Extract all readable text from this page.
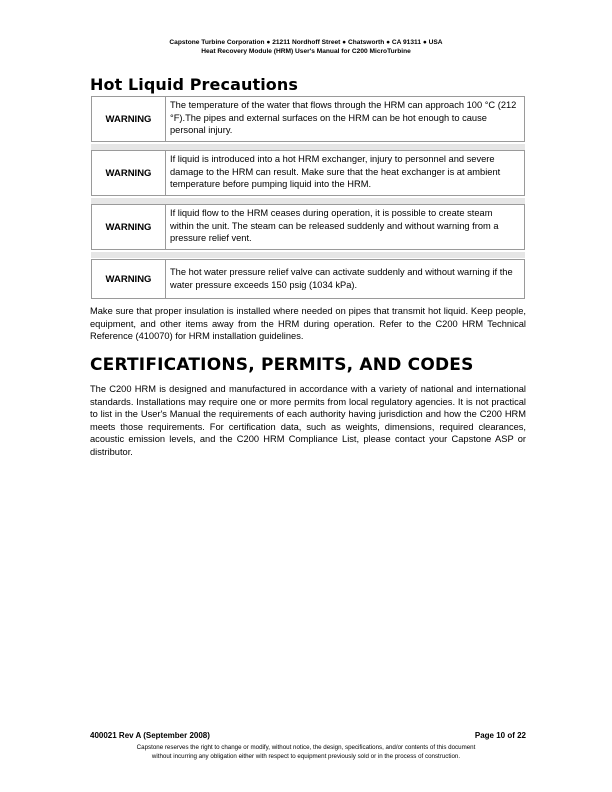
Capstone Turbine Corporation ● 21211 Nordhoff Street ● Chatsworth ● CA 91311 ● USA
Heat Recovery Module (HRM) User's Manual for C200 MicroTurbine
Hot Liquid Precautions
WARNING
The temperature of the water that flows through the HRM can approach 100 °C (212 °F).The pipes and external surfaces on the HRM can be hot enough to cause personal injury.
WARNING
If liquid is introduced into a hot HRM exchanger, injury to personnel and severe damage to the HRM can result. Make sure that the heat exchanger is at ambient temperature before pumping liquid into the HRM.
WARNING
If liquid flow to the HRM ceases during operation, it is possible to create steam within the unit. The steam can be released suddenly and without warning from a pressure relief vent.
WARNING
The hot water pressure relief valve can activate suddenly and without warning if the water pressure exceeds 150 psig (1034 kPa).
Make sure that proper insulation is installed where needed on pipes that transmit hot liquid. Keep people, equipment, and other items away from the HRM during operation. Refer to the C200 HRM Technical Reference (410070) for HRM installation guidelines.
CERTIFICATIONS, PERMITS, AND CODES
The C200 HRM is designed and manufactured in accordance with a variety of national and international standards. Installations may require one or more permits from local regulatory agencies. It is not practical to list in the User's Manual the requirements of each authority having jurisdiction and how the C200 HRM meets those requirements. For certification data, such as weights, dimensions, required clearances, acoustic emission levels, and the C200 HRM Compliance List, please contact your Capstone ASP or distributor.
400021 Rev A (September 2008)	Page 10 of 22
Capstone reserves the right to change or modify, without notice, the design, specifications, and/or contents of this document
without incurring any obligation either with respect to equipment previously sold or in the process of construction.
